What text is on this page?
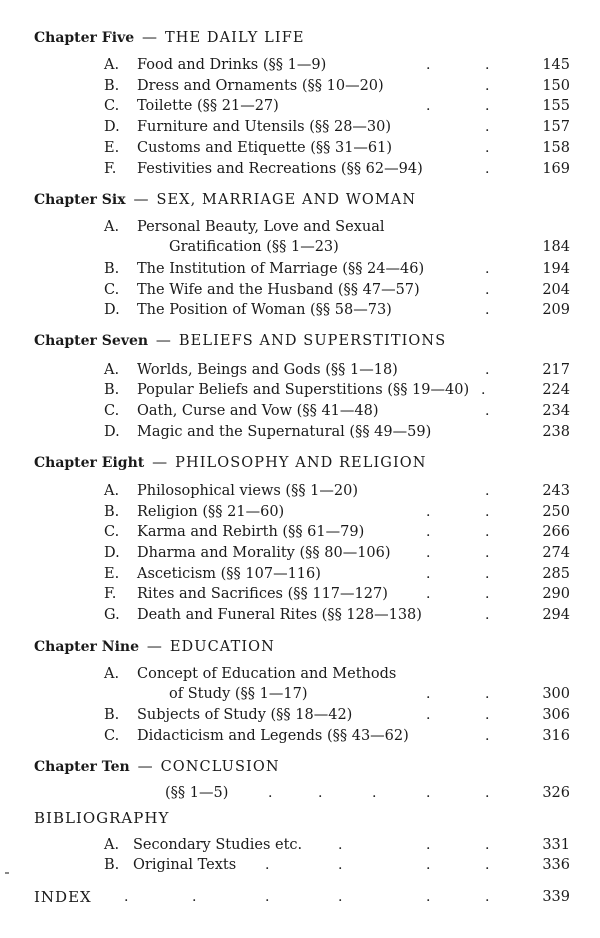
Chapter Five — THE DAILY LIFE
A. Food and Drinks (§§ 1—9)	.	.	145
B. Dress and Ornaments (§§ 10—20)	.	150
C. Toilette (§§ 21—27)	.	.	155
D. Furniture and Utensils (§§ 28—30)	.	157
E. Customs and Etiquette (§§ 31—61)	.	158
F. Festivities and Recreations (§§ 62—94)	.	169
Chapter Six — SEX, MARRIAGE AND WOMAN
A. Personal Beauty, Love and Sexual
Gratification (§§ 1—23)	184
B. The Institution of Marriage (§§ 24—46)	.	194
C. The Wife and the Husband (§§ 47—57)	.	204
D. The Position of Woman (§§ 58—73)	.	209
Chapter Seven — BELIEFS AND SUPERSTITIONS
A. Worlds, Beings and Gods (§§ 1—18)	.	217
B. Popular Beliefs and Superstitions (§§ 19—40) .	224
C. Oath, Curse and Vow (§§ 41—48)	.	234
D. Magic and the Supernatural (§§ 49—59)	238
Chapter Eight — PHILOSOPHY AND RELIGION
A. Philosophical views (§§ 1—20)	.	243
B. Religion (§§ 21—60)	.	.	250
C. Karma and Rebirth (§§ 61—79)	.	.	266
D. Dharma and Morality (§§ 80—106)	.	.	274
E. Asceticism (§§ 107—116)	.	.	285
F. Rites and Sacrifices (§§ 117—127)	.	.	290
G. Death and Funeral Rites (§§ 128—138)	.	294
Chapter Nine — EDUCATION
A. Concept of Education and Methods
of Study (§§ 1—17)	.	.	300
B. Subjects of Study (§§ 18—42)	.	.	306
C. Didacticism and Legends (§§ 43—62)	.	316
Chapter Ten — CONCLUSION
(§§ 1—5)	.	.	.	.	.	326
BIBLIOGRAPHY
A. Secondary Studies etc.	.	.	.	331
B. Original Texts .	.	.	.	336
INDEX .	.	.	.	.	.	339
